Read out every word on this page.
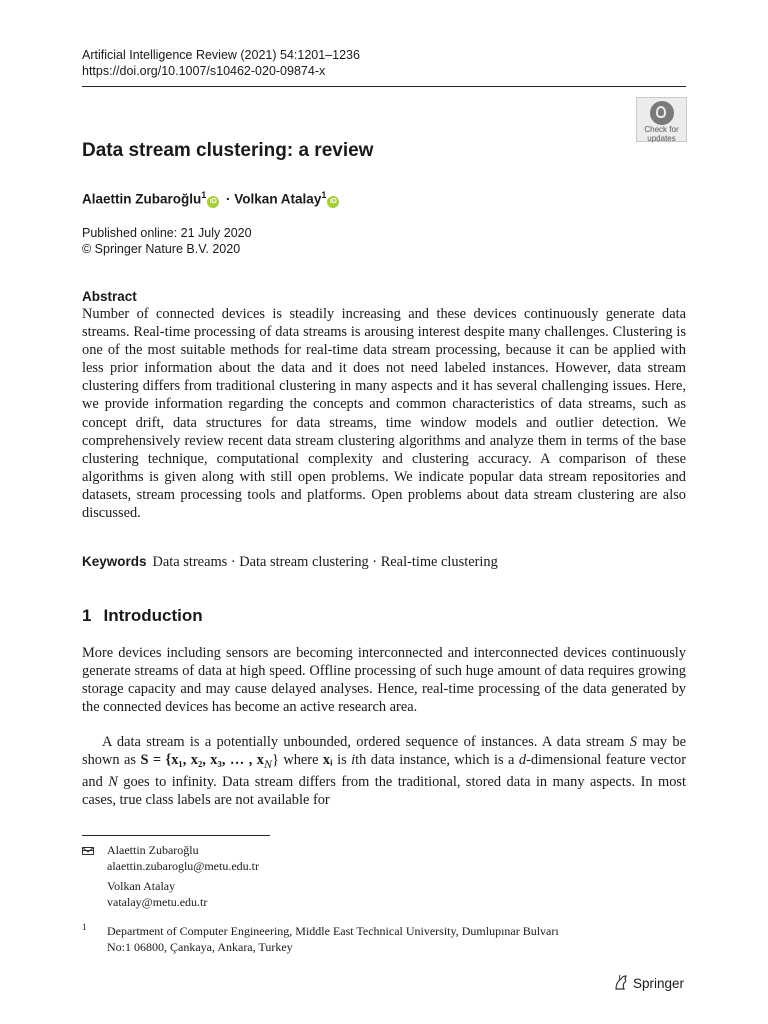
Artificial Intelligence Review (2021) 54:1201–1236
https://doi.org/10.1007/s10462-020-09874-x
Check for
updates
Data stream clustering: a review
Alaettin Zubaroğlu$^1$iD · Volkan Atalay$^1$iD
Published online: 21 July 2020
© Springer Nature B.V. 2020
Abstract

Number of connected devices is steadily increasing and these devices continuously generate data streams. Real-time processing of data streams is arousing interest despite many challenges. Clustering is one of the most suitable methods for real-time data stream processing, because it can be applied with less prior information about the data and it does not need labeled instances. However, data stream clustering differs from traditional clustering in many aspects and it has several challenging issues. Here, we provide information regarding the concepts and common characteristics of data streams, such as concept drift, data structures for data streams, time window models and outlier detection. We comprehensively review recent data stream clustering algorithms and analyze them in terms of the base clustering technique, computational complexity and clustering accuracy. A comparison of these algorithms is given along with still open problems. We indicate popular data stream repositories and datasets, stream processing tools and platforms. Open problems about data stream clustering are also discussed.

Keywords Data streams · Data stream clustering · Real-time clustering
1 Introduction

More devices including sensors are becoming interconnected and interconnected devices continuously generate streams of data at high speed. Offline processing of such huge amount of data requires growing storage capacity and may cause delayed analyses. Hence, real-time processing of the data generated by the connected devices has become an active research area.

A data stream is a potentially unbounded, ordered sequence of instances. A data stream S may be shown as S = {x₁, x₂, x₃, … , $x_N$} where xᵢ is ith data instance, which is a d-dimensional feature vector and N goes to infinity. Data stream differs from the traditional, stored data in many aspects. In most cases, true class labels are not available for

Alaettin Zubaroğlu
alaettin.zubaroglu@metu.edu.tr
Volkan Atalay
vatalay@metu.edu.tr
1 Department of Computer Engineering, Middle East Technical University, Dumlupınar Bulvarı
No:1 06800, Çankaya, Ankara, Turkey
Springer
